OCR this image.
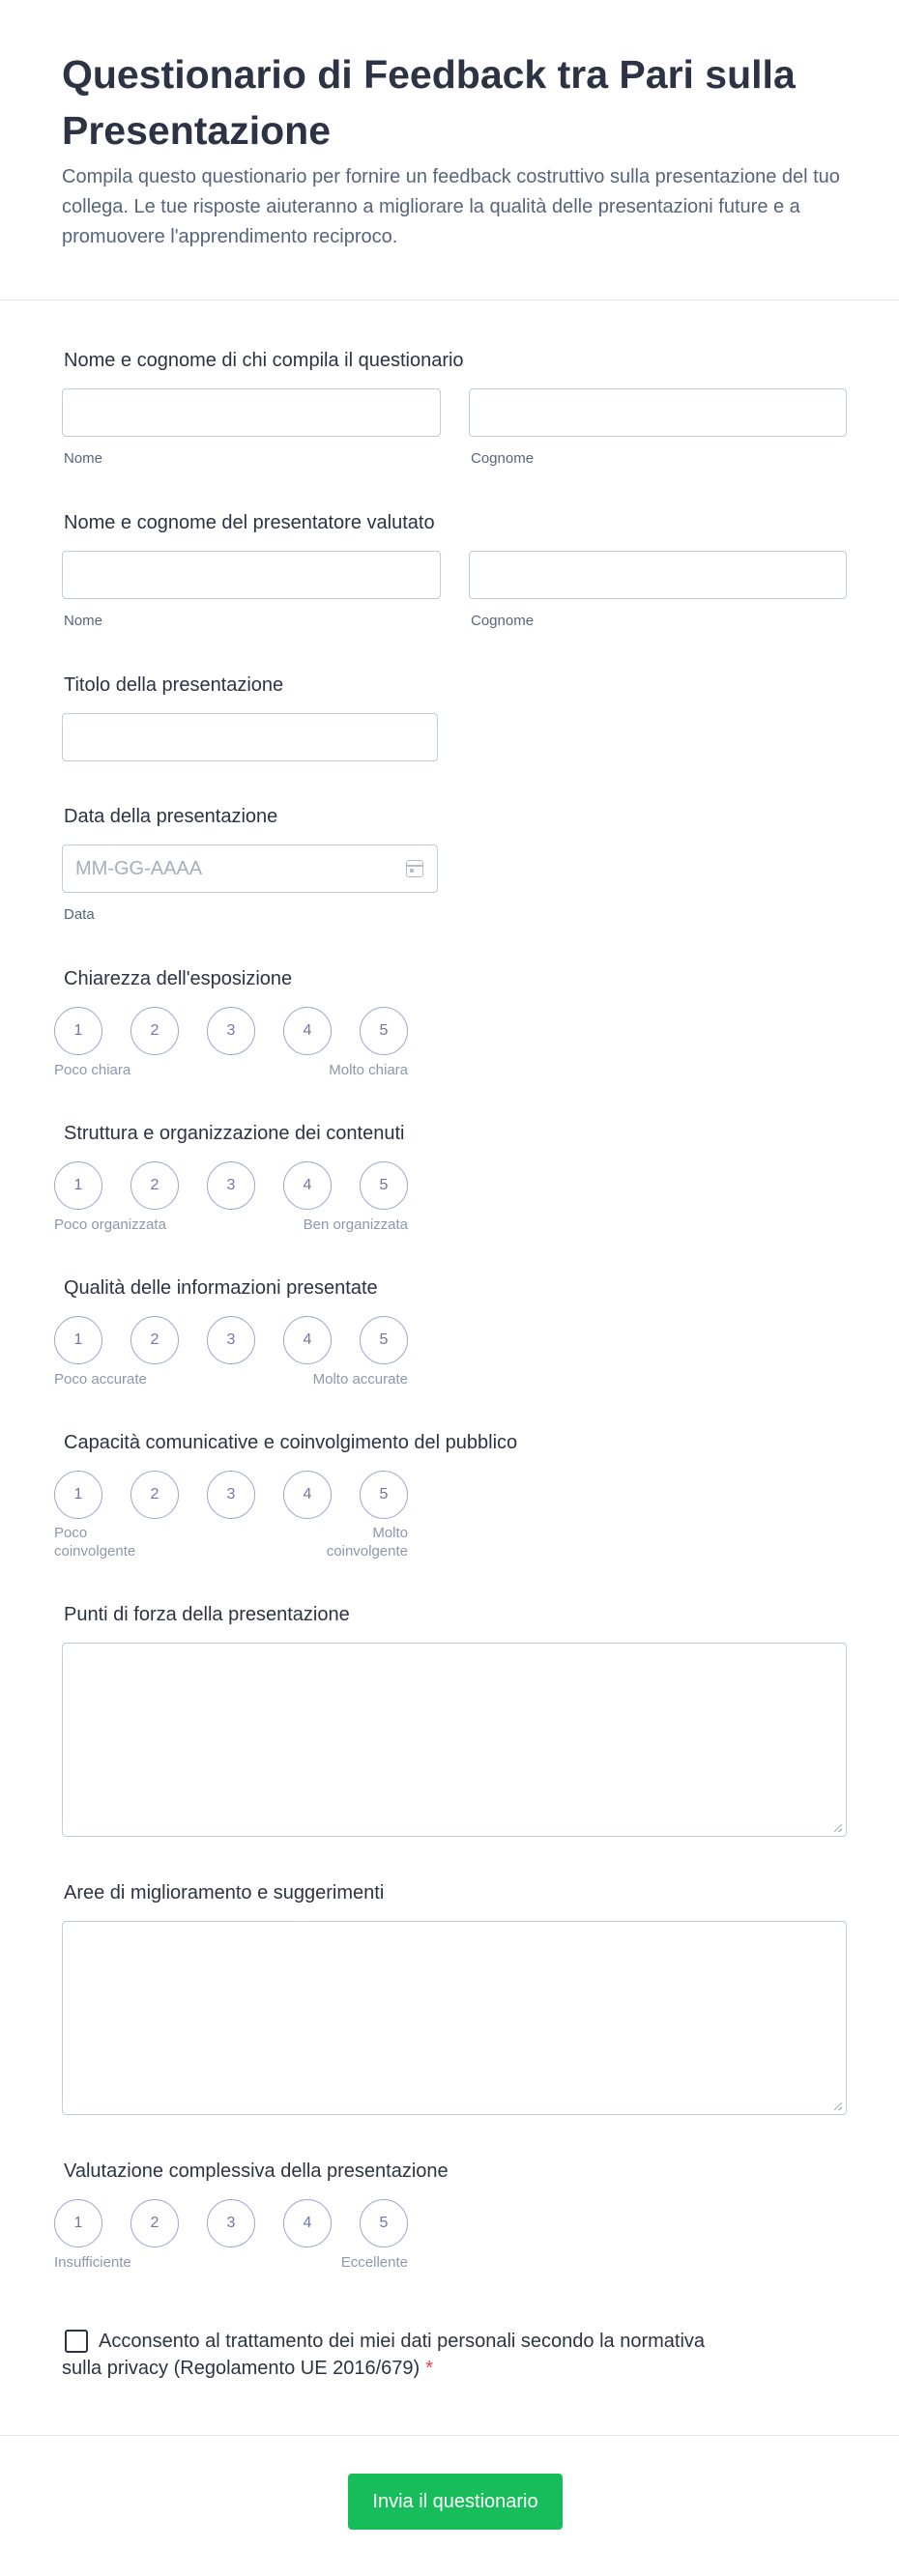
Questionario di Feedback tra Pari sulla Presentazione

Compila questo questionario per fornire un feedback costruttivo sulla presentazione del tuo collega. Le tue risposte aiuteranno a migliorare la qualità delle presentazioni future e a promuovere l'apprendimento reciproco.

Nome e cognome di chi compila il questionario
Nome	Cognome
Nome e cognome del presentatore valutato
Nome	Cognome
Titolo della presentazione
Data della presentazione
MM-GG-AAAA
Data
Chiarezza dell'esposizione
1	2	3	4	5
Poco chiara	Molto chiara
Struttura e organizzazione dei contenuti
1	2	3	4	5
Poco organizzata	Ben organizzata
Qualità delle informazioni presentate
1	2	3	4	5
Poco accurate	Molto accurate
Capacità comunicative e coinvolgimento del pubblico
1	2	3	4	5
Poco
coinvolgente
Molto
coinvolgente
Punti di forza della presentazione
Aree di miglioramento e suggerimenti
Valutazione complessiva della presentazione
1	2	3	4	5
Insufficiente	Eccellente
Acconsento al trattamento dei miei dati personali secondo la normativa
sulla privacy (Regolamento UE 2016/679) *
Invia il questionario
